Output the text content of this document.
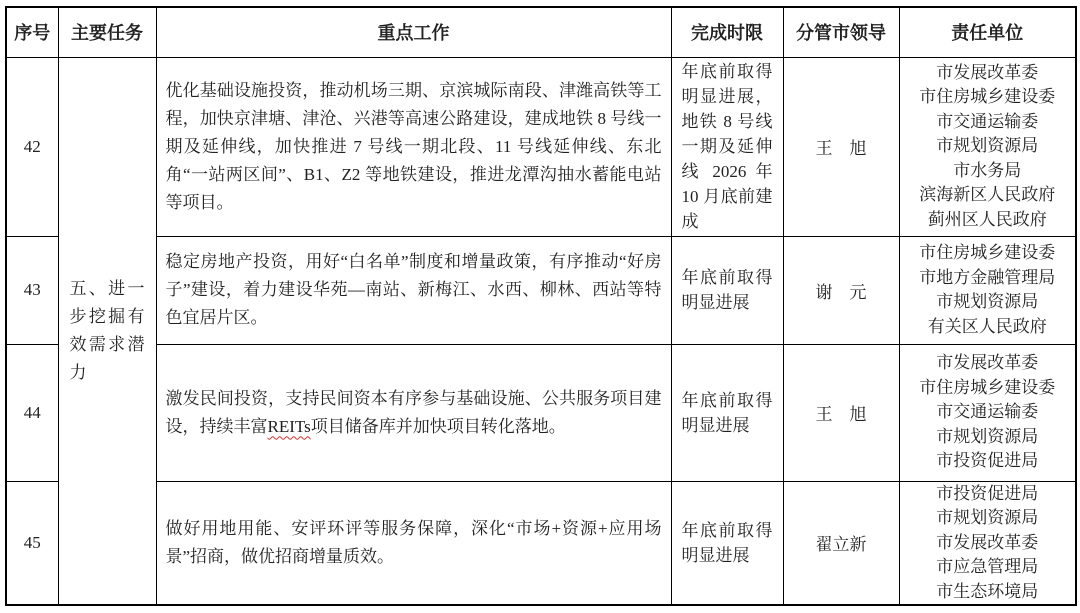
序号	主要任务	重点工作	完成时限	分管市领导	责任单位
42	五、进一步挖掘有效需求潜力	优化基础设施投资，推动机场三期、京滨城际南段、津潍高铁等工程，加快京津塘、津沧、兴港等高速公路建设，建成地铁 8 号线一期及延伸线，加快推进 7 号线一期北段、11 号线延伸线、东北角“一站两区间”、B1、Z2 等地铁建设，推进龙潭沟抽水蓄能电站等项目。	年底前取得明显进展，地铁 8 号线一期及延伸线 2026 年 10 月底前建成	王　旭	
市发展改革委
市住房城乡建设委
市交通运输委
市规划资源局
市水务局
滨海新区人民政府
蓟州区人民政府

43		稳定房地产投资，用好“白名单”制度和增量政策，有序推动“好房子”建设，着力建设华苑—南站、新梅江、水西、柳林、西站等特色宜居片区。	年底前取得明显进展	谢　元	市住房城乡建设委
市地方金融管理局
市规划资源局
有关区人民政府

44		激发民间投资，支持民间资本有序参与基础设施、公共服务项目建设，持续丰富REITs项目储备库并加快项目转化落地。	年底前取得明显进展	王　旭	市发展改革委
市住房城乡建设委
市交通运输委
市规划资源局
市投资促进局

45		做好用地用能、安评环评等服务保障，深化“市场+资源+应用场景”招商，做优招商增量质效。	年底前取得明显进展	翟立新	市投资促进局
市规划资源局
市发展改革委
市应急管理局
市生态环境局
